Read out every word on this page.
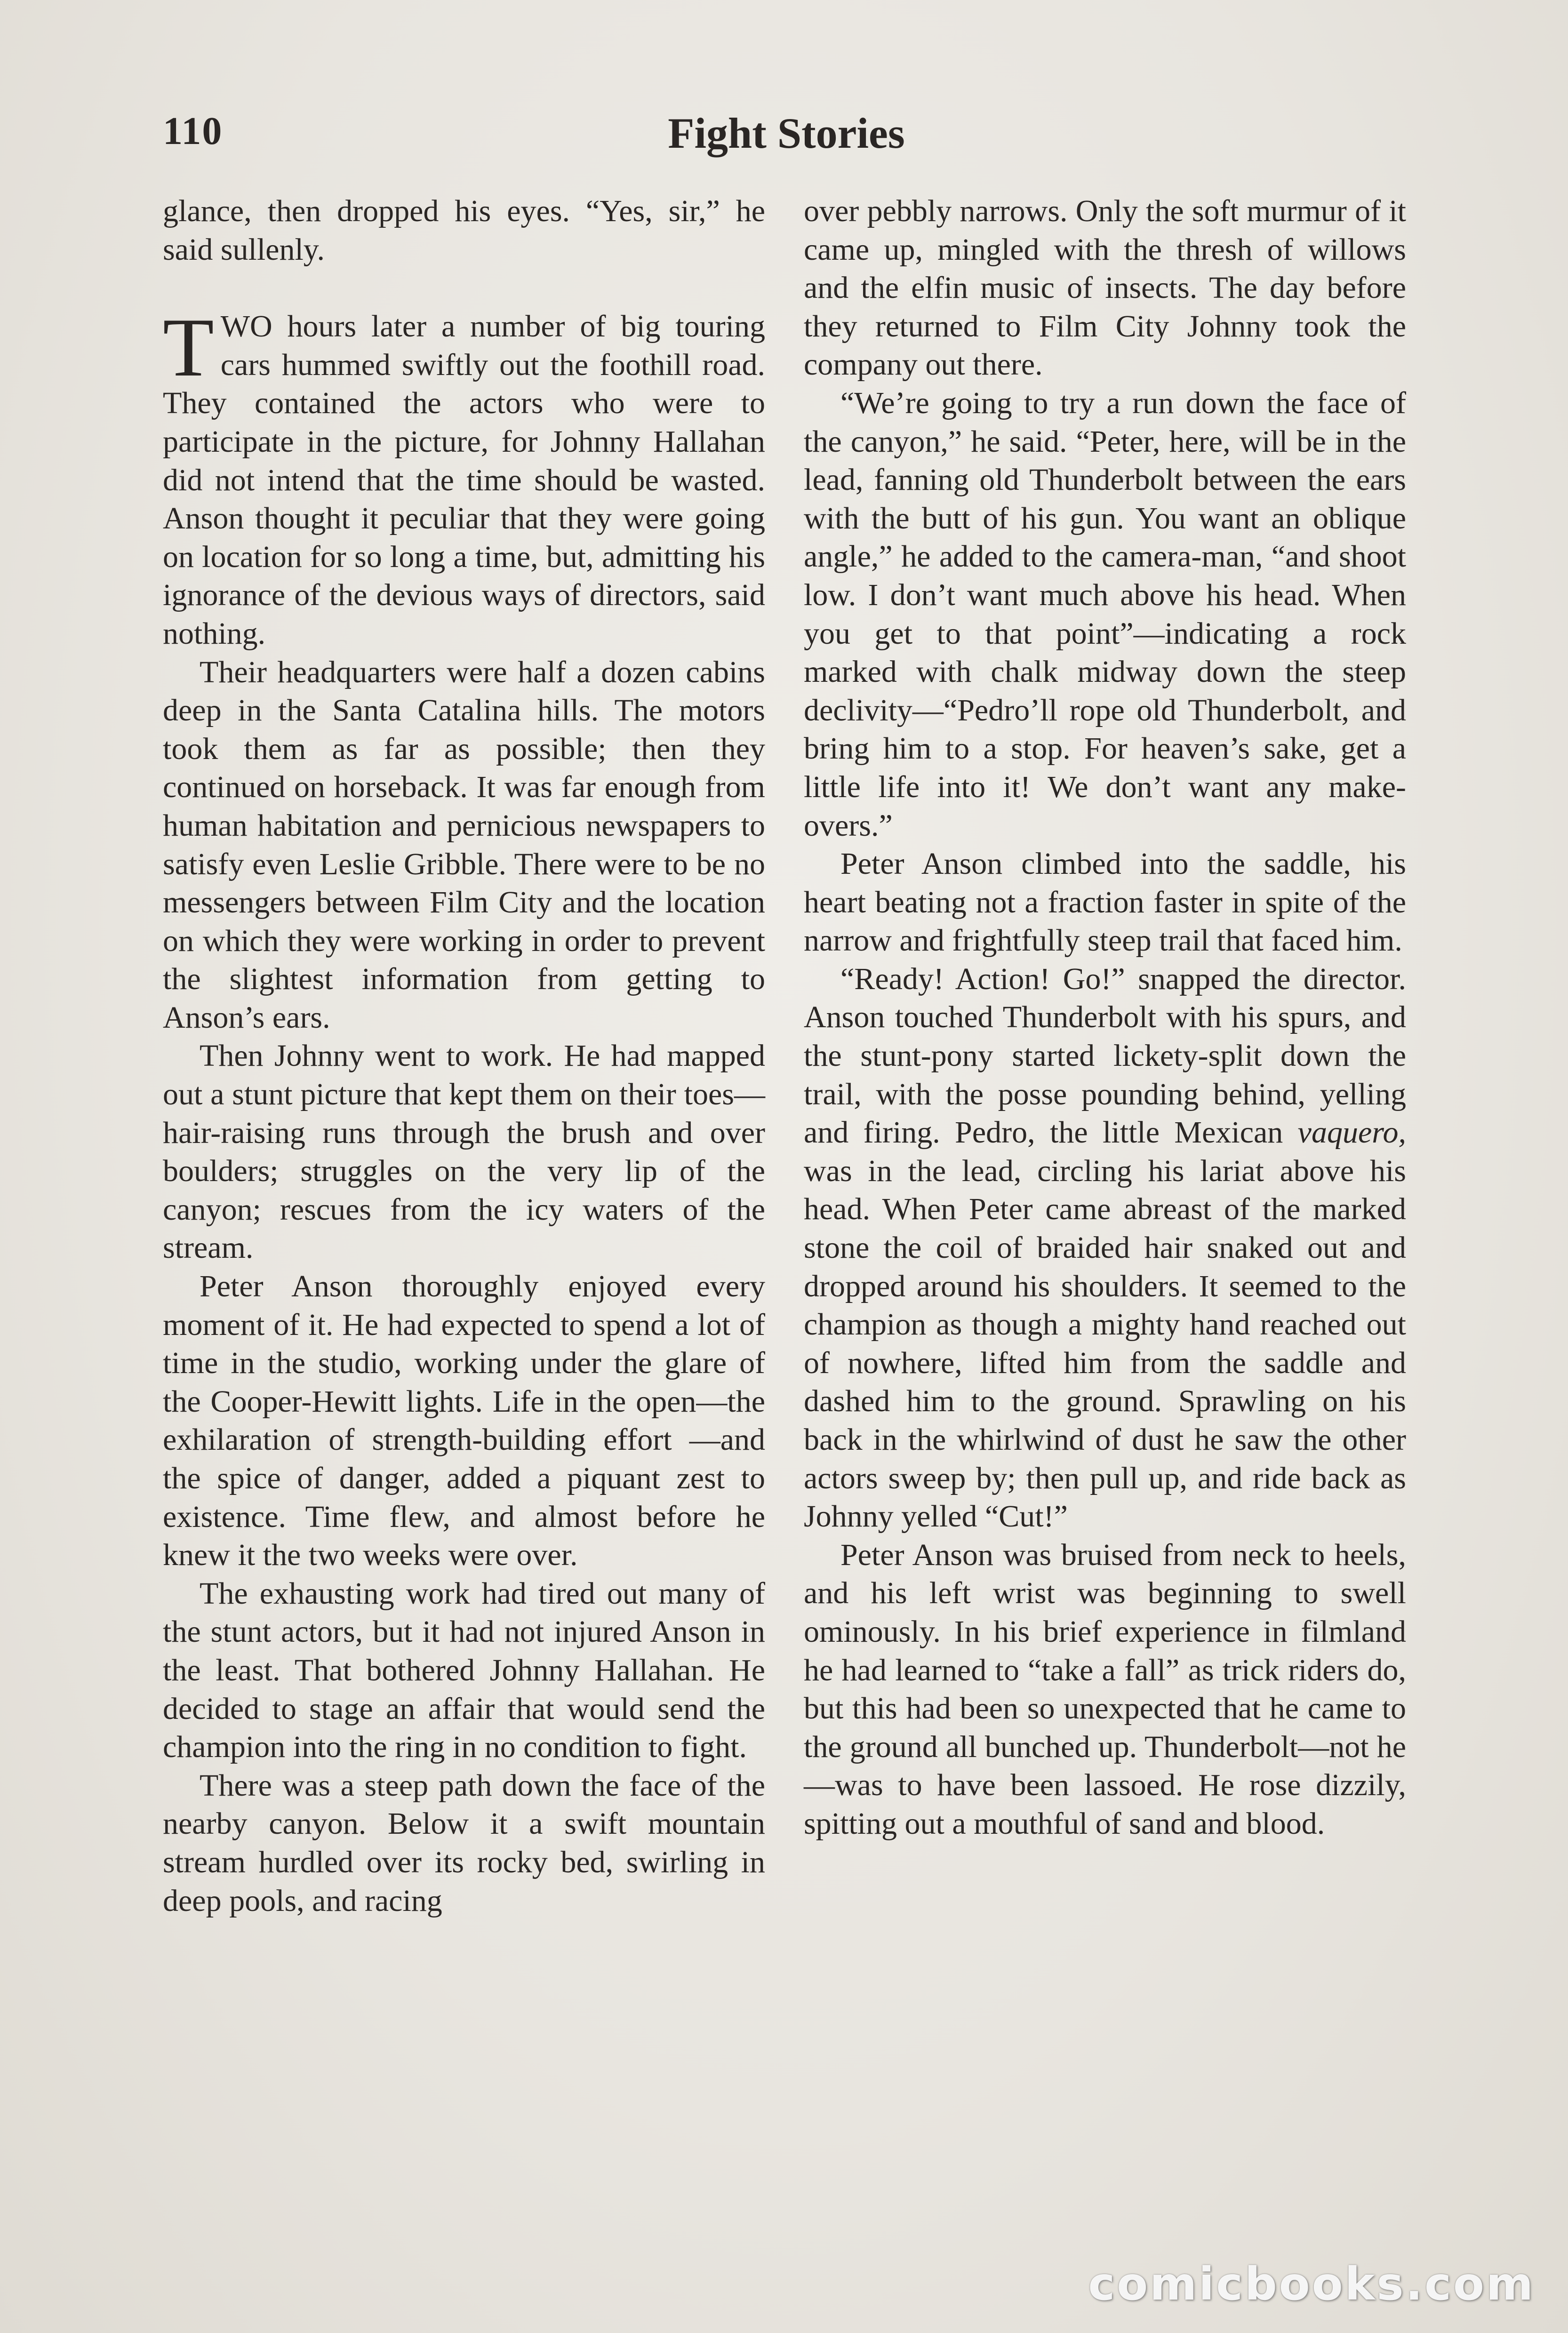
110	Fight Stories

glance, then dropped his eyes. “Yes, sir,” he said sullenly.

TWO hours later a number of big touring cars hummed swiftly out the foothill road. They contained the actors who were to participate in the picture, for Johnny Hallahan did not intend that the time should be wasted. Anson thought it peculiar that they were going on location for so long a time, but, admitting his ignorance of the devious ways of directors, said nothing.

Their headquarters were half a dozen cabins deep in the Santa Catalina hills. The motors took them as far as possible; then they continued on horseback. It was far enough from human habitation and pernicious newspapers to satisfy even Leslie Gribble. There were to be no messengers between Film City and the location on which they were working in order to prevent the slightest information from getting to Anson’s ears.

Then Johnny went to work. He had mapped out a stunt picture that kept them on their toes—hair-raising runs through the brush and over boulders; struggles on the very lip of the canyon; rescues from the icy waters of the stream.

Peter Anson thoroughly enjoyed every moment of it. He had expected to spend a lot of time in the studio, working under the glare of the Cooper-Hewitt lights. Life in the open—the exhilaration of strength-building effort —and the spice of danger, added a piquant zest to existence. Time flew, and almost before he knew it the two weeks were over.

The exhausting work had tired out many of the stunt actors, but it had not injured Anson in the least. That bothered Johnny Hallahan. He decided to stage an affair that would send the champion into the ring in no condition to fight.

There was a steep path down the face of the nearby canyon. Below it a swift mountain stream hurdled over its rocky bed, swirling in deep pools, and racing

over pebbly narrows. Only the soft murmur of it came up, mingled with the thresh of willows and the elfin music of insects. The day before they returned to Film City Johnny took the company out there.

“We’re going to try a run down the face of the canyon,” he said. “Peter, here, will be in the lead, fanning old Thunderbolt between the ears with the butt of his gun. You want an oblique angle,” he added to the camera-man, “and shoot low. I don’t want much above his head. When you get to that point”—indicating a rock marked with chalk midway down the steep declivity—“Pedro’ll rope old Thunderbolt, and bring him to a stop. For heaven’s sake, get a little life into it! We don’t want any make-overs.”

Peter Anson climbed into the saddle, his heart beating not a fraction faster in spite of the narrow and frightfully steep trail that faced him.

“Ready! Action! Go!” snapped the director. Anson touched Thunderbolt with his spurs, and the stunt-pony started lickety-split down the trail, with the posse pounding behind, yelling and firing. Pedro, the little Mexican vaquero, was in the lead, circling his lariat above his head. When Peter came abreast of the marked stone the coil of braided hair snaked out and dropped around his shoulders. It seemed to the champion as though a mighty hand reached out of nowhere, lifted him from the saddle and dashed him to the ground. Sprawling on his back in the whirlwind of dust he saw the other actors sweep by; then pull up, and ride back as Johnny yelled “Cut!”

Peter Anson was bruised from neck to heels, and his left wrist was beginning to swell ominously. In his brief experience in filmland he had learned to “take a fall” as trick riders do, but this had been so unexpected that he came to the ground all bunched up. Thunderbolt—not he—was to have been lassoed. He rose dizzily, spitting out a mouthful of sand and blood.

comicbooks.com
